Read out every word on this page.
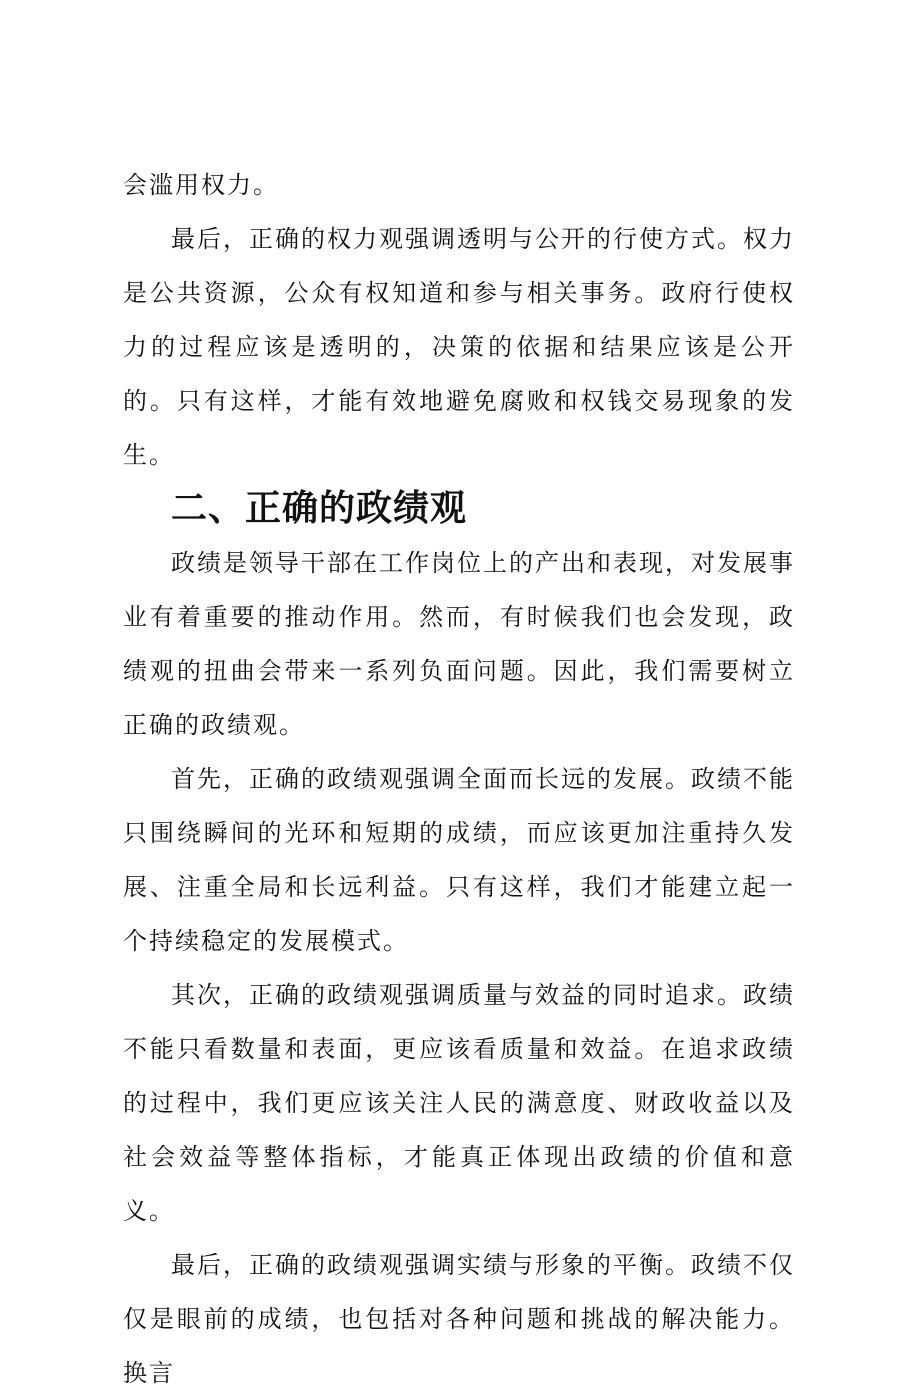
会滥用权力。

最后，正确的权力观强调透明与公开的行使方式。权力是公共资源，公众有权知道和参与相关事务。政府行使权力的过程应该是透明的，决策的依据和结果应该是公开的。只有这样，才能有效地避免腐败和权钱交易现象的发生。

二、正确的政绩观

政绩是领导干部在工作岗位上的产出和表现，对发展事业有着重要的推动作用。然而，有时候我们也会发现，政绩观的扭曲会带来一系列负面问题。因此，我们需要树立正确的政绩观。

首先，正确的政绩观强调全面而长远的发展。政绩不能只围绕瞬间的光环和短期的成绩，而应该更加注重持久发展、注重全局和长远利益。只有这样，我们才能建立起一个持续稳定的发展模式。

其次，正确的政绩观强调质量与效益的同时追求。政绩不能只看数量和表面，更应该看质量和效益。在追求政绩的过程中，我们更应该关注人民的满意度、财政收益以及社会效益等整体指标，才能真正体现出政绩的价值和意义。

最后，正确的政绩观强调实绩与形象的平衡。政绩不仅仅是眼前的成绩，也包括对各种问题和挑战的解决能力。换言
